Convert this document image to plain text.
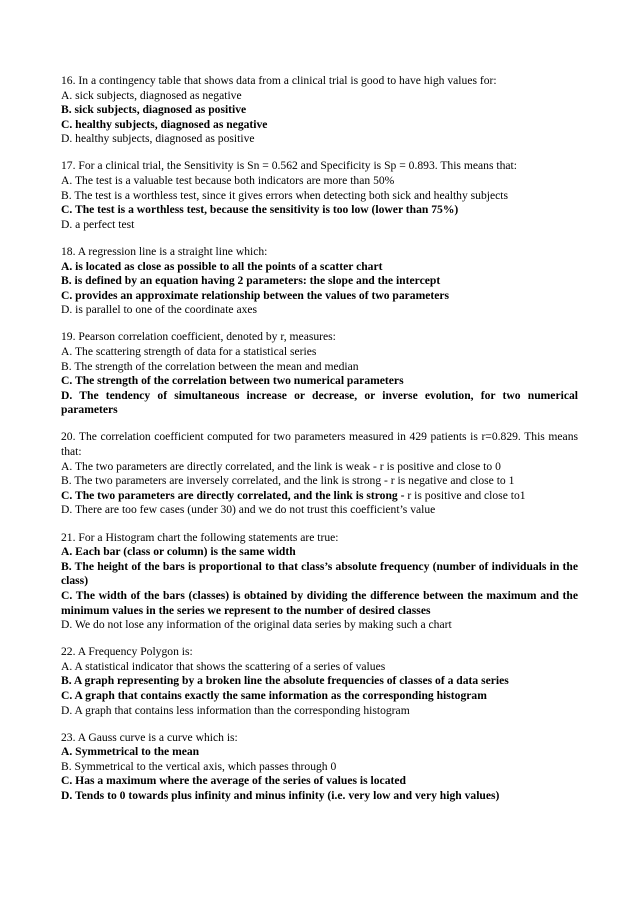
16. In a contingency table that shows data from a clinical trial is good to have high values for:
A. sick subjects, diagnosed as negative
B. sick subjects, diagnosed as positive
C. healthy subjects, diagnosed as negative
D. healthy subjects, diagnosed as positive
17. For a clinical trial, the Sensitivity is Sn = 0.562 and Specificity is Sp = 0.893. This means that:
A. The test is a valuable test because both indicators are more than 50%
B. The test is a worthless test, since it gives errors when detecting both sick and healthy subjects
C. The test is a worthless test, because the sensitivity is too low (lower than 75%)
D. a perfect test
18. A regression line is a straight line which:
A. is located as close as possible to all the points of a scatter chart
B. is defined by an equation having 2 parameters: the slope and the intercept
C. provides an approximate relationship between the values of two parameters
D. is parallel to one of the coordinate axes
19. Pearson correlation coefficient, denoted by r, measures:
A. The scattering strength of data for a statistical series
B. The strength of the correlation between the mean and median
C. The strength of the correlation between two numerical parameters
D. The tendency of simultaneous increase or decrease, or inverse evolution, for two numerical parameters
20. The correlation coefficient computed for two parameters measured in 429 patients is r=0.829. This means that:
A. The two parameters are directly correlated, and the link is weak - r is positive and close to 0
B. The two parameters are inversely correlated, and the link is strong - r is negative and close to 1
C. The two parameters are directly correlated, and the link is strong - r is positive and close to1
D. There are too few cases (under 30) and we do not trust this coefficient’s value
21. For a Histogram chart the following statements are true:
A. Each bar (class or column) is the same width
B. The height of the bars is proportional to that class’s absolute frequency (number of individuals in the class)
C. The width of the bars (classes) is obtained by dividing the difference between the maximum and the minimum values in the series we represent to the number of desired classes
D. We do not lose any information of the original data series by making such a chart
22. A Frequency Polygon is:
A. A statistical indicator that shows the scattering of a series of values
B. A graph representing by a broken line the absolute frequencies of classes of a data series
C. A graph that contains exactly the same information as the corresponding histogram
D. A graph that contains less information than the corresponding histogram
23. A Gauss curve is a curve which is:
A. Symmetrical to the mean
B. Symmetrical to the vertical axis, which passes through 0
C. Has a maximum where the average of the series of values is located
D. Tends to 0 towards plus infinity and minus infinity (i.e. very low and very high values)
